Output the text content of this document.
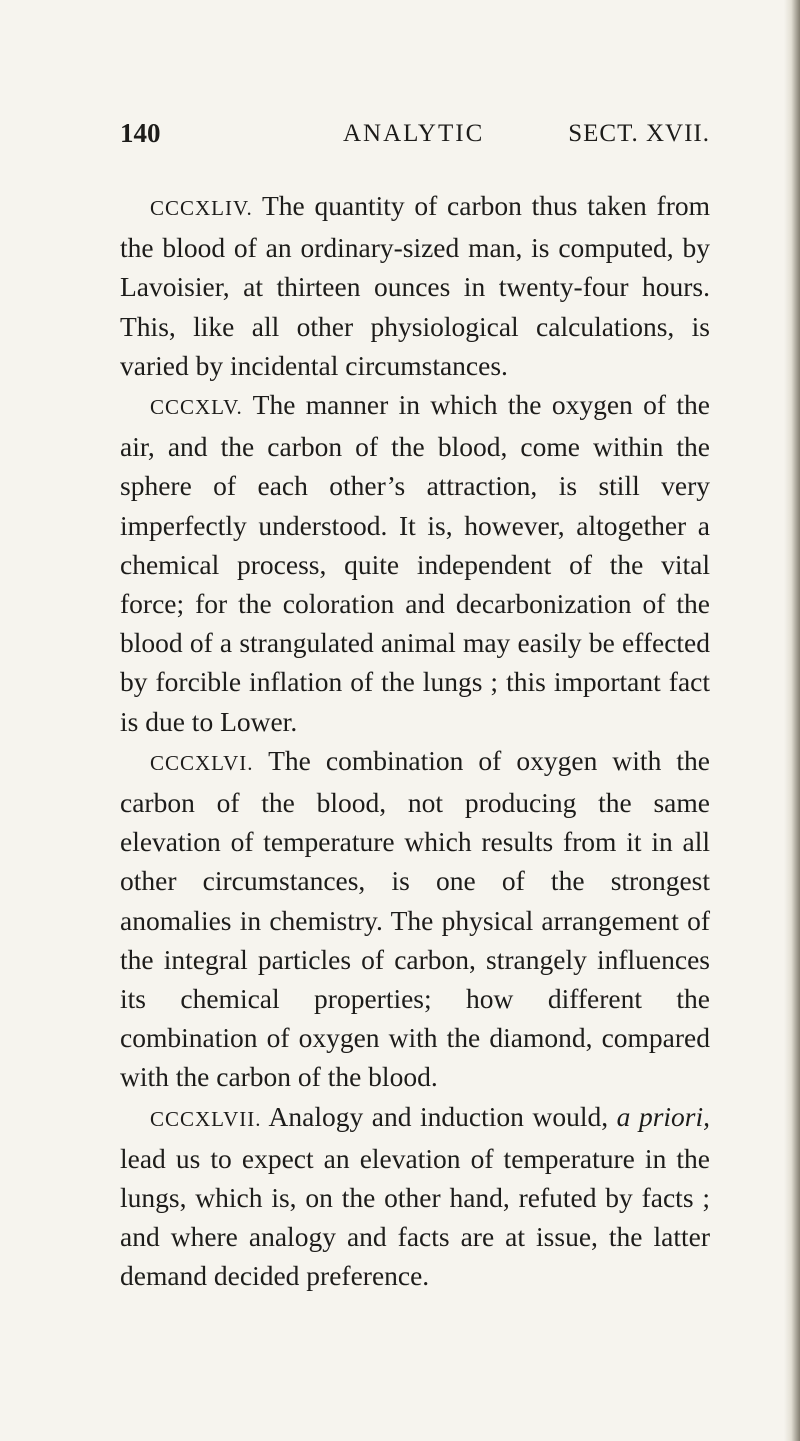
140	ANALYTIC	SECT. XVII.

CCCXLIV. The quantity of carbon thus taken from the blood of an ordinary-sized man, is computed, by Lavoisier, at thirteen ounces in twenty-four hours. This, like all other physiological calculations, is varied by incidental circumstances.

CCCXLV. The manner in which the oxygen of the air, and the carbon of the blood, come within the sphere of each other’s attraction, is still very imperfectly understood. It is, however, altogether a chemical process, quite independent of the vital force; for the coloration and decarbonization of the blood of a strangulated animal may easily be effected by forcible inflation of the lungs ; this important fact is due to Lower.

CCCXLVI. The combination of oxygen with the carbon of the blood, not producing the same elevation of temperature which results from it in all other circumstances, is one of the strongest anomalies in chemistry. The physical arrangement of the integral particles of carbon, strangely influences its chemical properties; how different the combination of oxygen with the diamond, compared with the carbon of the blood.

CCCXLVII. Analogy and induction would, a priori, lead us to expect an elevation of temperature in the lungs, which is, on the other hand, refuted by facts ; and where analogy and facts are at issue, the latter demand decided preference.
